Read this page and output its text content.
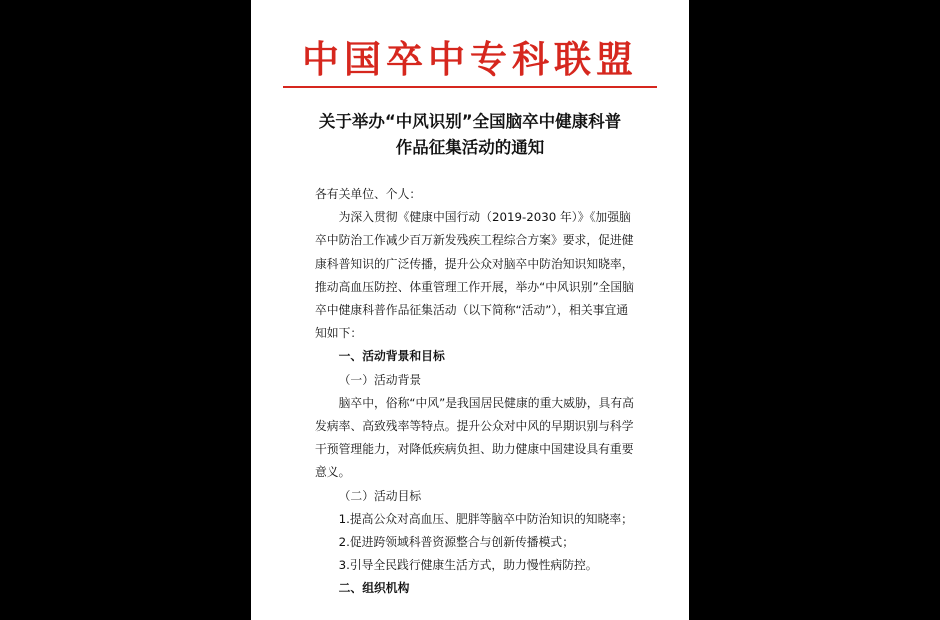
中国卒中专科联盟
关于举办“中风识别”全国脑卒中健康科普
作品征集活动的通知

各有关单位、个人：

为深入贯彻《健康中国行动（2019-2030 年）》《加强脑卒中防治工作减少百万新发残疾工程综合方案》要求，促进健康科普知识的广泛传播，提升公众对脑卒中防治知识知晓率，推动高血压防控、体重管理工作开展，举办“中风识别”全国脑卒中健康科普作品征集活动（以下简称“活动”），相关事宜通知如下：

一、活动背景和目标

（一）活动背景

脑卒中，俗称“中风”是我国居民健康的重大威胁，具有高发病率、高致残率等特点。提升公众对中风的早期识别与科学干预管理能力，对降低疾病负担、助力健康中国建设具有重要意义。

（二）活动目标

1.提高公众对高血压、肥胖等脑卒中防治知识的知晓率；

2.促进跨领域科普资源整合与创新传播模式；

3.引导全民践行健康生活方式，助力慢性病防控。

二、组织机构
